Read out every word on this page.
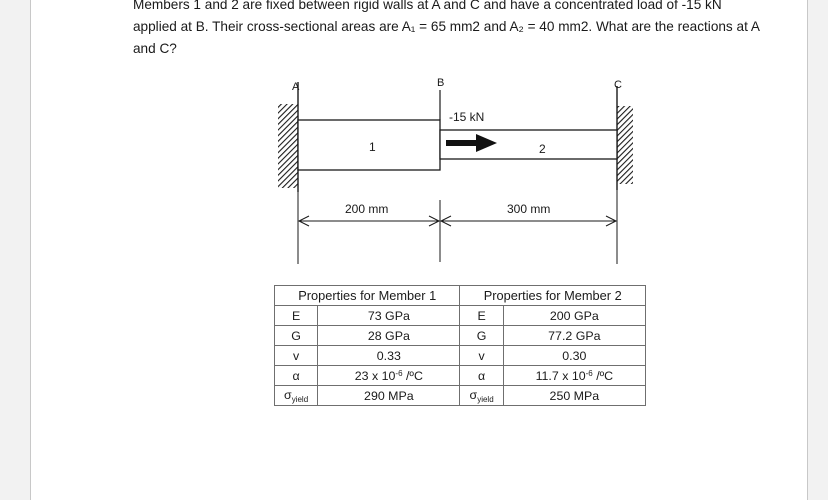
Members 1 and 2 are fixed between rigid walls at A and C and have a concentrated load of -15 kN
applied at B. Their cross-sectional areas are A₁ = 65 mm2 and A₂ = 40 mm2. What are the reactions at A
and C?

A	B	C
-15 kN
1	2
200 mm	300 mm
Properties for Member 1		Properties for Member 2	
E	73 GPa	E	200 GPa
G	28 GPa	G	77.2 GPa
v	0.33	v	0.30
α	23 x $10^{-6}$ /ºC	α	11.7 x $10^{-6}$ /ºC
$\sigma_{yield}$	290 MPa	$\sigma_{yield}$	250 MPa
